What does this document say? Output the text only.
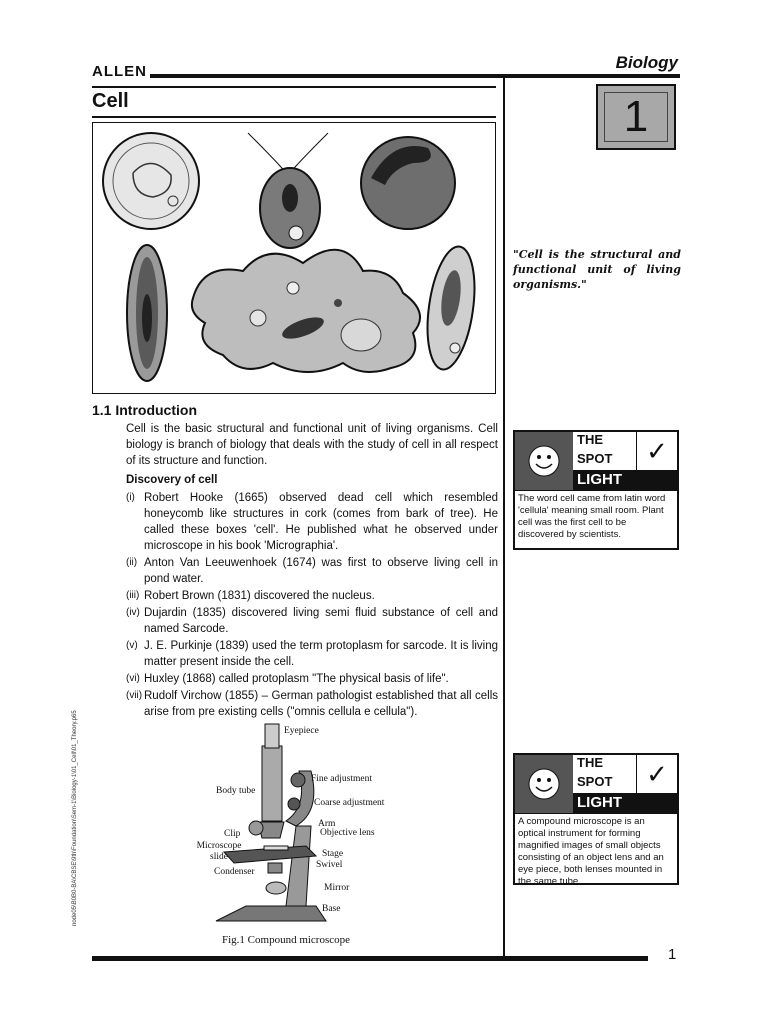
ALLEN	Biology
Cell	1
"Cell is the structural and functional unit of living organisms."
1.1 Introduction

Cell is the basic structural and functional unit of living organisms. Cell biology is branch of biology that deals with the study of cell in all respect of its structure and function.

Discovery of cell

(i) Robert Hooke (1665) observed dead cell which resembled honeycomb like structures in cork (comes from bark of tree). He called these boxes 'cell'. He published what he observed under microscope in his book 'Micrographia'.
(ii) Anton Van Leeuwenhoek (1674) was first to observe living cell in pond water.
(iii) Robert Brown (1831) discovered the nucleus.
(iv) Dujardin (1835) discovered living semi fluid substance of cell and named Sarcode.
(v) J. E. Purkinje (1839) used the term protoplasm for sarcode. It is living matter present inside the cell.
(vi) Huxley (1868) called protoplasm "The physical basis of life".
(vii) Rudolf Virchow (1855) – German pathologist established that all cells arise from pre existing cells ("omnis cellula e cellula").
THE
SPOT	✓
LIGHT
The word cell came from latin word 'cellula' meaning small room. Plant cell was the first cell to be discovered by scientists.
THE
SPOT	✓
LIGHT
A compound microscope is an optical instrument for forming magnified images of small objects consisting of an object lens and an eye piece, both lenses mounted in the same tube.
Eyepiece
Fine adjustment
Body tube
Coarse adjustment
Arm
Clip	Objective lens
Microscope slide	Stage
Swivel
Condenser
Mirror
Base
Fig.1 Compound microscope
node05\B0B0-BA\CBSE\9th\Foundation\Sem-1\Biology-1\01_Cell\01_Theory.p65
1
